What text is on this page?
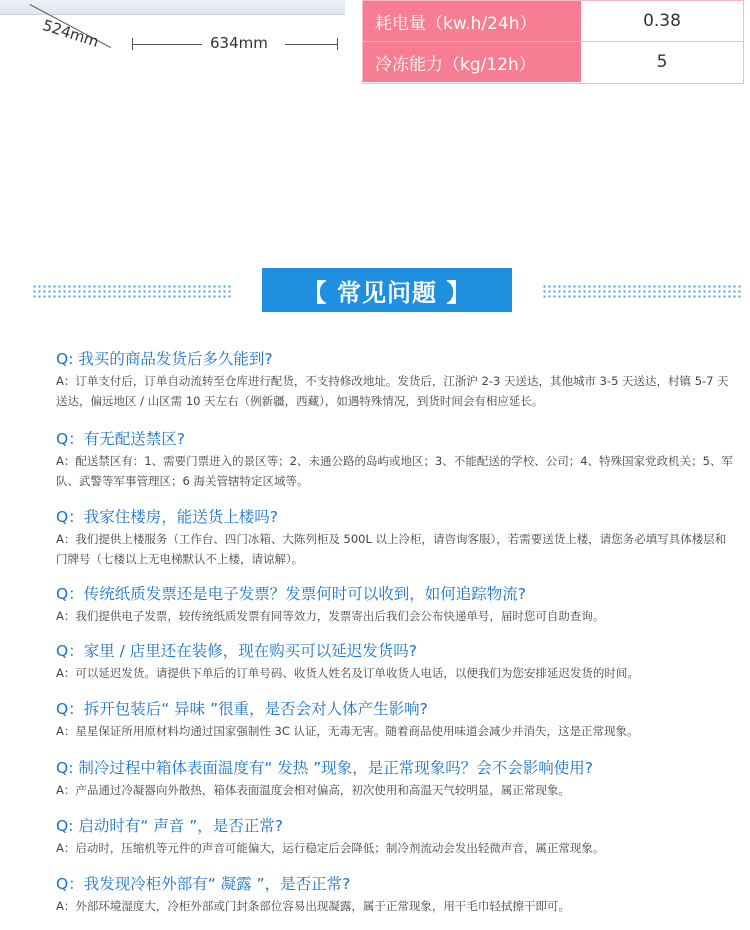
524mm	634mm
耗电量（kw.h/24h）	0.38
冷冻能力（kg/12h）	5
【 常见问题 】
Q: 我买的商品发货后多久能到?
A：订单支付后，订单自动流转至仓库进行配货，不支持修改地址。发货后，江浙沪 2-3 天送达，其他城市 3-5 天送达，村镇 5-7 天送达，偏远地区 / 山区需 10 天左右（例新疆，西藏），如遇特殊情况，到货时间会有相应延长。
Q：有无配送禁区?
A：配送禁区有：1、需要门票进入的景区等；2、未通公路的岛屿或地区；3、不能配送的学校、公司；4、特殊国家党政机关；5、军队、武警等军事管理区；6 海关管辖特定区域等。
Q：我家住楼房，能送货上楼吗?
A：我们提供上楼服务（工作台、四门冰箱、大陈列柜及 500L 以上冷柜，请咨询客服），若需要送货上楼，请您务必填写具体楼层和门牌号（七楼以上无电梯默认不上楼，请谅解）。
Q：传统纸质发票还是电子发票？发票何时可以收到，如何追踪物流?
A：我们提供电子发票，较传统纸质发票有同等效力，发票寄出后我们会公布快递单号，届时您可自助查询。
Q：家里 / 店里还在装修，现在购买可以延迟发货吗?
A：可以延迟发货。请提供下单后的订单号码、收货人姓名及订单收货人电话，以便我们为您安排延迟发货的时间。
Q：拆开包装后“ 异味 ”很重，是否会对人体产生影响?
A：星星保证所用原材料均通过国家强制性 3C 认证，无毒无害。随着商品使用味道会减少并消失，这是正常现象。
Q: 制冷过程中箱体表面温度有“ 发热 ”现象，是正常现象吗？会不会影响使用?
A：产品通过冷凝器向外散热，箱体表面温度会相对偏高，初次使用和高温天气较明显，属正常现象。
Q: 启动时有“ 声音 ”，是否正常?
A：启动时，压缩机等元件的声音可能偏大，运行稳定后会降低；制冷剂流动会发出轻微声音，属正常现象。
Q：我发现冷柜外部有“ 凝露 ”，是否正常?
A：外部环境湿度大，冷柜外部或门封条部位容易出现凝露，属于正常现象，用干毛巾轻拭擦干即可。
